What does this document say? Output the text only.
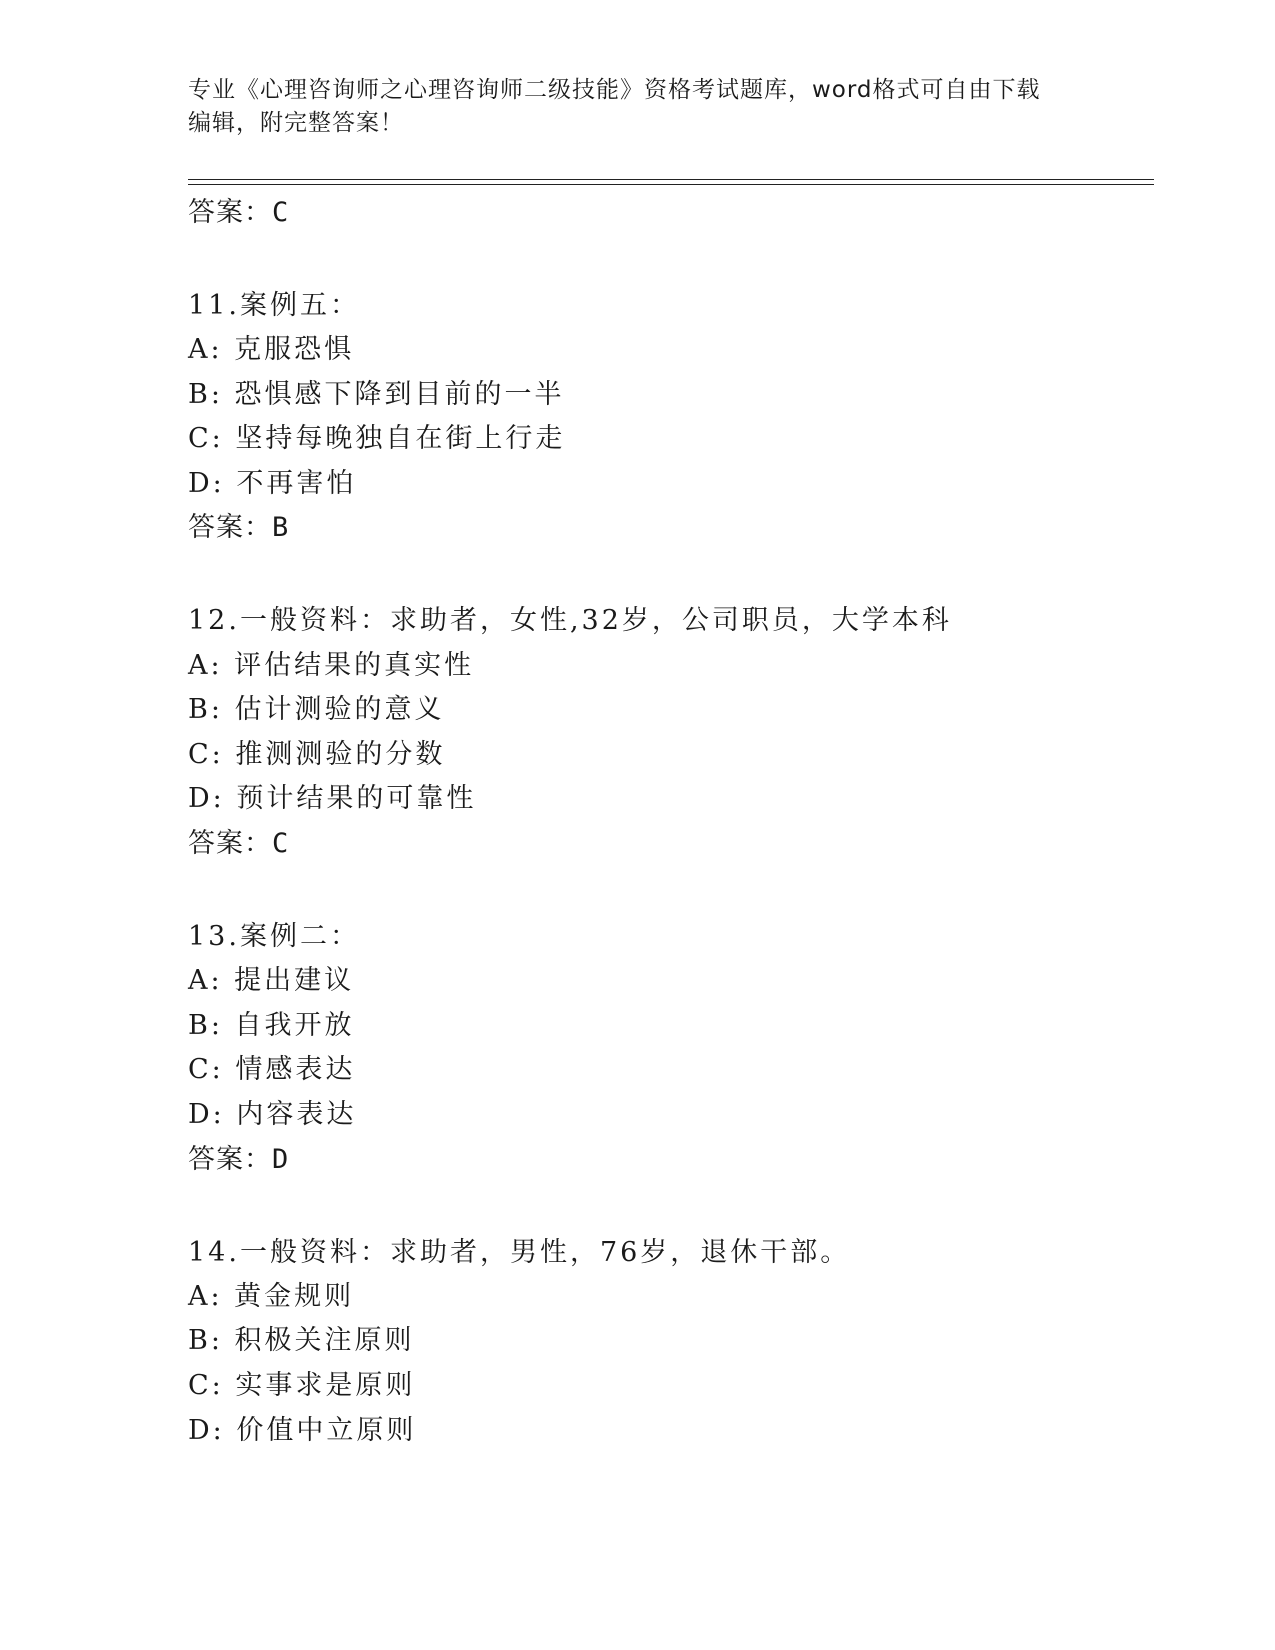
专业《心理咨询师之心理咨询师二级技能》资格考试题库，word格式可自由下载
编辑，附完整答案！
答案：C
11.案例五：
A: 克服恐惧
B: 恐惧感下降到目前的一半
C: 坚持每晚独自在街上行走
D: 不再害怕
答案：B
12.一般资料：求助者，女性,32岁，公司职员，大学本科
A: 评估结果的真实性
B: 估计测验的意义
C: 推测测验的分数
D: 预计结果的可靠性
答案：C
13.案例二：
A: 提出建议
B: 自我开放
C: 情感表达
D: 内容表达
答案：D
14.一般资料：求助者，男性，76岁，退休干部。
A: 黄金规则
B: 积极关注原则
C: 实事求是原则
D: 价值中立原则
